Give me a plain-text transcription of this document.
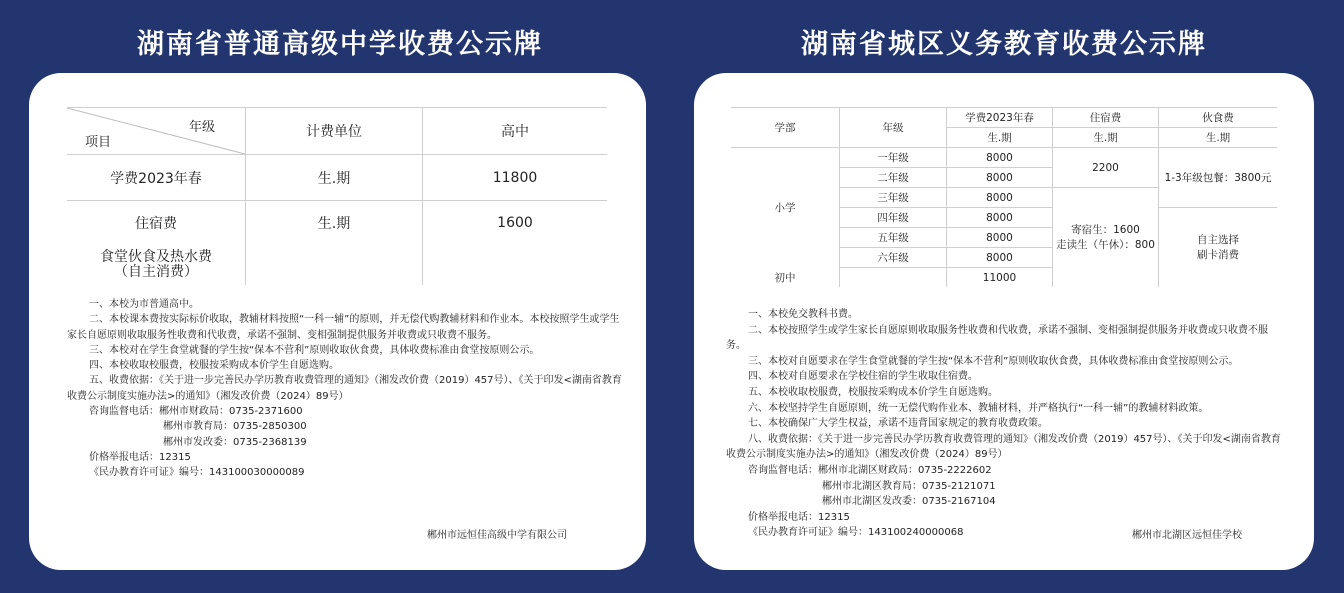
湖南省普通高级中学收费公示牌	湖南省城区义务教育收费公示牌
年级
项目	计费单位	高中
学费2023年春	生.期	11800
住宿费	生.期	1600

食堂伙食及热水费
（自主消费）		

一、本校为市普通高中。

二、本校课本费按实际标价收取，教辅材料按照“一科一辅”的原则，并无偿代购教辅材料和作业本。本校按照学生或学生家长自愿原则收取服务性收费和代收费，承诺不强制、变相强制提供服务并收费或只收费不服务。

三、本校对在学生食堂就餐的学生按“保本不营利”原则收取伙食费，具体收费标准由食堂按原则公示。

四、本校收取校服费，校服按采购成本价学生自愿选购。

五、收费依据：《关于进一步完善民办学历教育收费管理的通知》（湘发改价费（2019）457号）、《关于印发<湖南省教育收费公示制度实施办法>的通知》（湘发改价费（2024）89号）

咨询监督电话：郴州市财政局：0735-2371600

郴州市教育局：0735-2850300

郴州市发改委：0735-2368139

价格举报电话：12315

《民办教育许可证》编号：143100030000089

郴州市远恒佳高级中学有限公司
学部	年级	学费2023年春	住宿费	伙食费
		生.期	生.期	生.期
小学	一年级	8000	2200	1-3年级包餐：3800元
	二年级	8000		
	三年级	8000	寄宿生：1600
走读生（午休）：800	

	四年级	8000		自主选择
刷卡消费

	五年级	8000		
	六年级	8000		
初中		11000		

一、本校免交教科书费。

二、本校按照学生或学生家长自愿原则收取服务性收费和代收费，承诺不强制、变相强制提供服务并收费或只收费不服务。

三、本校对自愿要求在学生食堂就餐的学生按“保本不营利”原则收取伙食费，具体收费标准由食堂按原则公示。

四、本校对自愿要求在学校住宿的学生收取住宿费。

五、本校收取校服费，校服按采购成本价学生自愿选购。

六、本校坚持学生自愿原则，统一无偿代购作业本、教辅材料，并严格执行“一科一辅”的教辅材料政策。

七、本校确保广大学生权益，承诺不违背国家规定的教育收费政策。

八、收费依据：《关于进一步完善民办学历教育收费管理的通知》（湘发改价费（2019）457号）、《关于印发<湖南省教育收费公示制度实施办法>的通知》（湘发改价费（2024）89号）

咨询监督电话：郴州市北湖区财政局：0735-2222602

郴州市北湖区教育局：0735-2121071

郴州市北湖区发改委：0735-2167104

价格举报电话：12315

《民办教育许可证》编号：143100240000068	郴州市北湖区远恒佳学校
